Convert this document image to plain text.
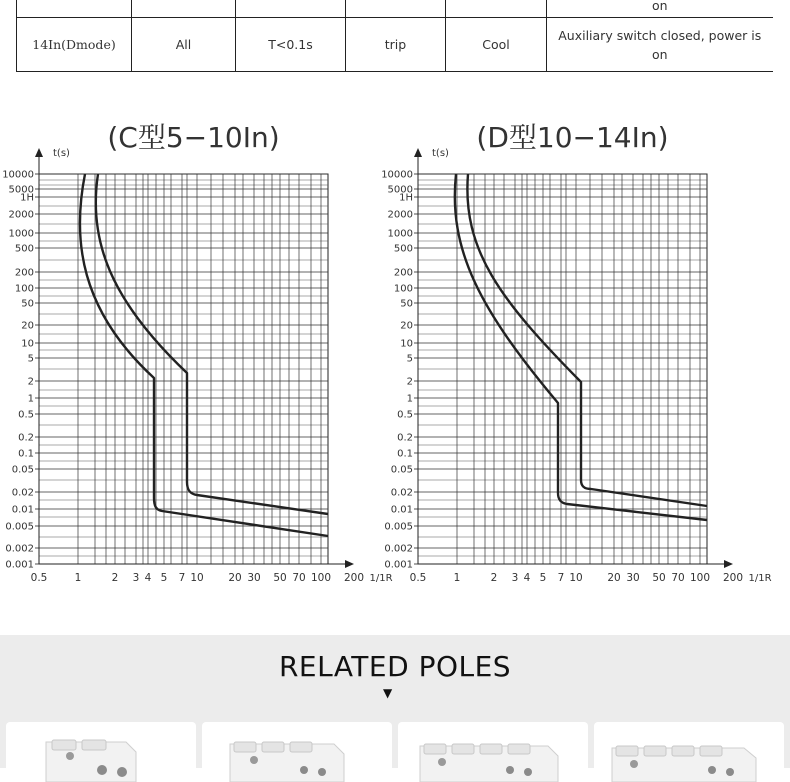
					on
14In(Dmode)	All	T<0.1s	trip	Cool	Auxiliary switch closed, power is on
10000
5000
1H
2000
1000
500
200
100
50
20
10
5
2
1
0.5
0.2
0.1
0.05
0.02
0.01
0.005
0.002
0.001
0.5	1	2 3 4 5 7 10 20 30 50 70 100 200
t(s)
1/1R
(C型5−10In)
10000
5000
1H
2000
1000
500
200
100
50
20
10
5
2
1
0.5
0.2
0.1
0.05
0.02
0.01
0.005
0.002
0.001
0.5	1	2 3 4 5 7 10 20 30 50 70 100 200
t(s)
1/1R
(D型10−14In)
RELATED POLES
▼
